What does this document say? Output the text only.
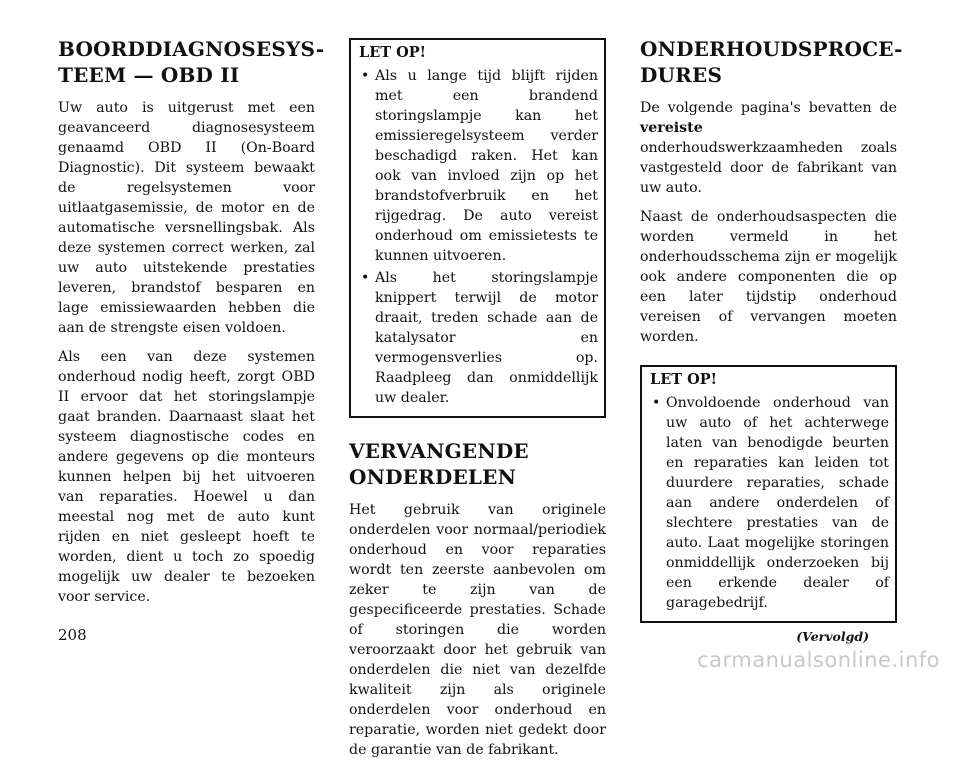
BOORDDIAGNOSESYS-
TEEM — OBD II

Uw auto is uitgerust met een geavanceerd diagnosesysteem genaamd OBD II (On-Board Diagnostic). Dit systeem bewaakt de regelsystemen voor uitlaatgasemissie, de motor en de automatische versnellingsbak. Als deze systemen correct werken, zal uw auto uitstekende prestaties leveren, brandstof besparen en lage emissiewaarden hebben die aan de strengste eisen voldoen.

Als een van deze systemen onderhoud nodig heeft, zorgt OBD II ervoor dat het storingslampje gaat branden. Daarnaast slaat het systeem diagnostische codes en andere gegevens op die monteurs kunnen helpen bij het uitvoeren van reparaties. Hoewel u dan meestal nog met de auto kunt rijden en niet gesleept hoeft te worden, dient u toch zo spoedig mogelijk uw dealer te bezoeken voor service.

LET OP!
• Als u lange tijd blijft rijden met een brandend storingslampje kan het emissieregelsysteem verder beschadigd raken. Het kan ook van invloed zijn op het brandstofverbruik en het rijgedrag. De auto vereist onderhoud om emissietests te kunnen uitvoeren.
• Als het storingslampje knippert terwijl de motor draait, treden schade aan de katalysator en vermogensverlies op. Raadpleeg dan onmiddellijk uw dealer.
VERVANGENDE
ONDERDELEN

Het gebruik van originele onderdelen voor normaal/periodiek onderhoud en voor reparaties wordt ten zeerste aanbevolen om zeker te zijn van de gespecificeerde prestaties. Schade of storingen die worden veroorzaakt door het gebruik van onderdelen die niet van dezelfde kwaliteit zijn als originele onderdelen voor onderhoud en reparatie, worden niet gedekt door de garantie van de fabrikant.

ONDERHOUDSPROCE-
DURES

De volgende pagina's bevatten de vereiste onderhoudswerkzaamheden zoals vastgesteld door de fabrikant van uw auto.

Naast de onderhoudsaspecten die worden vermeld in het onderhoudsschema zijn er mogelijk ook andere componenten die op een later tijdstip onderhoud vereisen of vervangen moeten worden.

LET OP!
• Onvoldoende onderhoud van uw auto of het achterwege laten van benodigde beurten en reparaties kan leiden tot duurdere reparaties, schade aan andere onderdelen of slechtere prestaties van de auto. Laat mogelijke storingen onmiddellijk onderzoeken bij een erkende dealer of garagebedrijf.
(Vervolgd)
208
carmanualsonline.info
